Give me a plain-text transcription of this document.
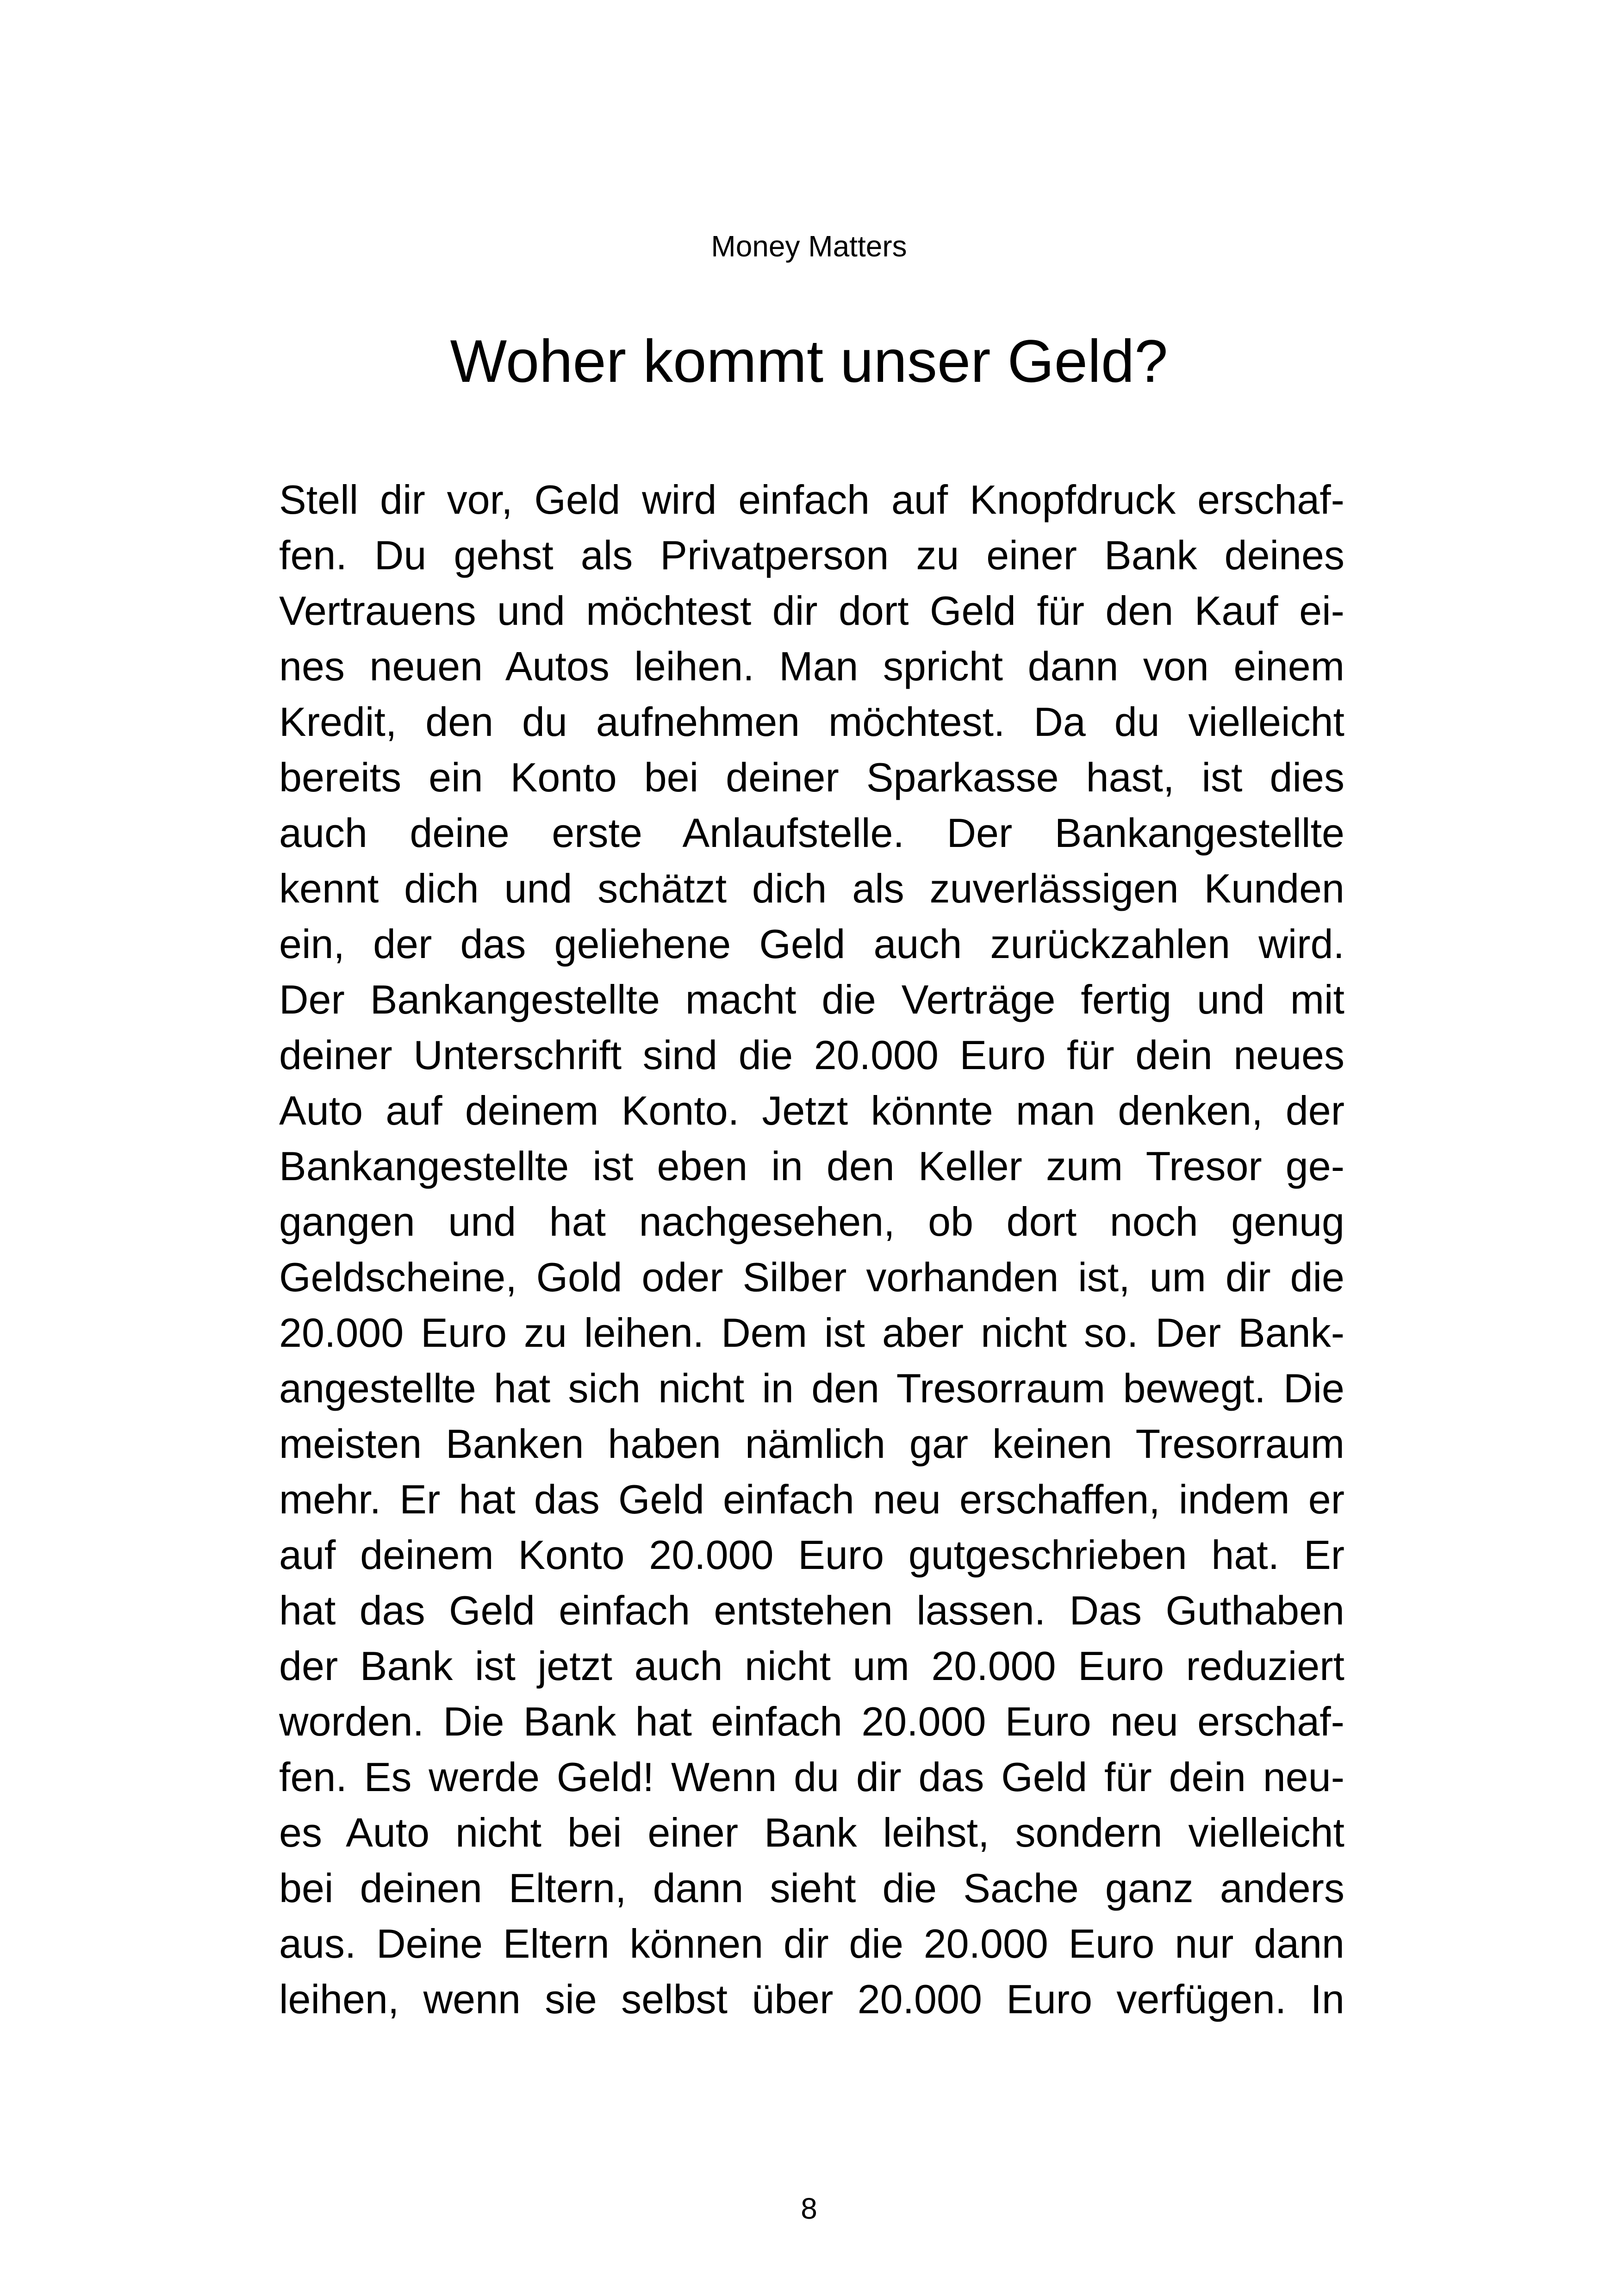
Money Matters
Woher kommt unser Geld?
Stell dir vor, Geld wird einfach auf Knopfdruck erschaf-
fen. Du gehst als Privatperson zu einer Bank deines
Vertrauens und möchtest dir dort Geld für den Kauf ei-
nes neuen Autos leihen. Man spricht dann von einem
Kredit, den du aufnehmen möchtest. Da du vielleicht
bereits ein Konto bei deiner Sparkasse hast, ist dies
auch deine erste Anlaufstelle. Der Bankangestellte
kennt dich und schätzt dich als zuverlässigen Kunden
ein, der das geliehene Geld auch zurückzahlen wird.
Der Bankangestellte macht die Verträge fertig und mit
deiner Unterschrift sind die 20.000 Euro für dein neues
Auto auf deinem Konto. Jetzt könnte man denken, der
Bankangestellte ist eben in den Keller zum Tresor ge-
gangen und hat nachgesehen, ob dort noch genug
Geldscheine, Gold oder Silber vorhanden ist, um dir die
20.000 Euro zu leihen. Dem ist aber nicht so. Der Bank-
angestellte hat sich nicht in den Tresorraum bewegt. Die
meisten Banken haben nämlich gar keinen Tresorraum
mehr. Er hat das Geld einfach neu erschaffen, indem er
auf deinem Konto 20.000 Euro gutgeschrieben hat. Er
hat das Geld einfach entstehen lassen. Das Guthaben
der Bank ist jetzt auch nicht um 20.000 Euro reduziert
worden. Die Bank hat einfach 20.000 Euro neu erschaf-
fen. Es werde Geld! Wenn du dir das Geld für dein neu-
es Auto nicht bei einer Bank leihst, sondern vielleicht
bei deinen Eltern, dann sieht die Sache ganz anders
aus. Deine Eltern können dir die 20.000 Euro nur dann
leihen, wenn sie selbst über 20.000 Euro verfügen. In
8
